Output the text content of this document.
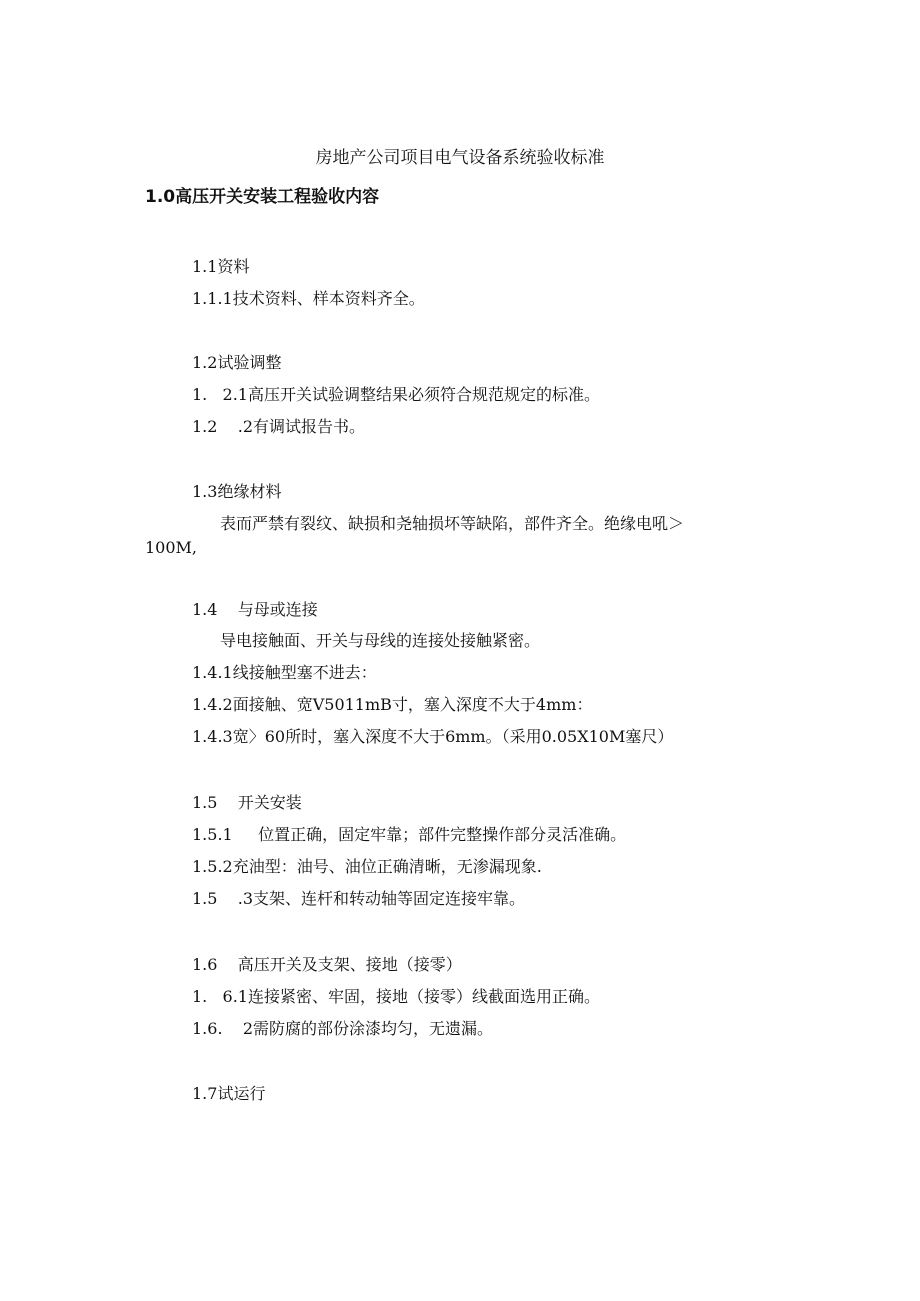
房地产公司项目电气设备系统验收标准
1.0高压开关安装工程验收内容
1.1资料
1.1.1技术资料、样本资料齐全。
1.2试验调整
1.   2.1高压开关试验调整结果必须符合规范规定的标准。
1.2    .2有调试报告书。
1.3绝缘材料
表而严禁有裂纹、缺损和尧轴损坏等缺陷，部件齐全。绝缘电吼＞
100M,
1.4    与母或连接
导电接触面、开关与母线的连接处接触紧密。
1.4.1线接触型塞不进去：
1.4.2面接触、宽V5011mB寸，塞入深度不大于4mm：
1.4.3宽〉60所时，塞入深度不大于6mm。（采用0.05X10M塞尺）
1.5    开关安装
1.5.1     位置正确，固定牢靠；部件完整操作部分灵活准确。
1.5.2充油型：油号、油位正确清晰，无渗漏现象.
1.5    .3支架、连杆和转动轴等固定连接牢靠。
1.6    高压开关及支架、接地（接零）
1.   6.1连接紧密、牢固，接地（接零）线截面选用正确。
1.6.    2需防腐的部份涂漆均匀，无遗漏。
1.7试运行
